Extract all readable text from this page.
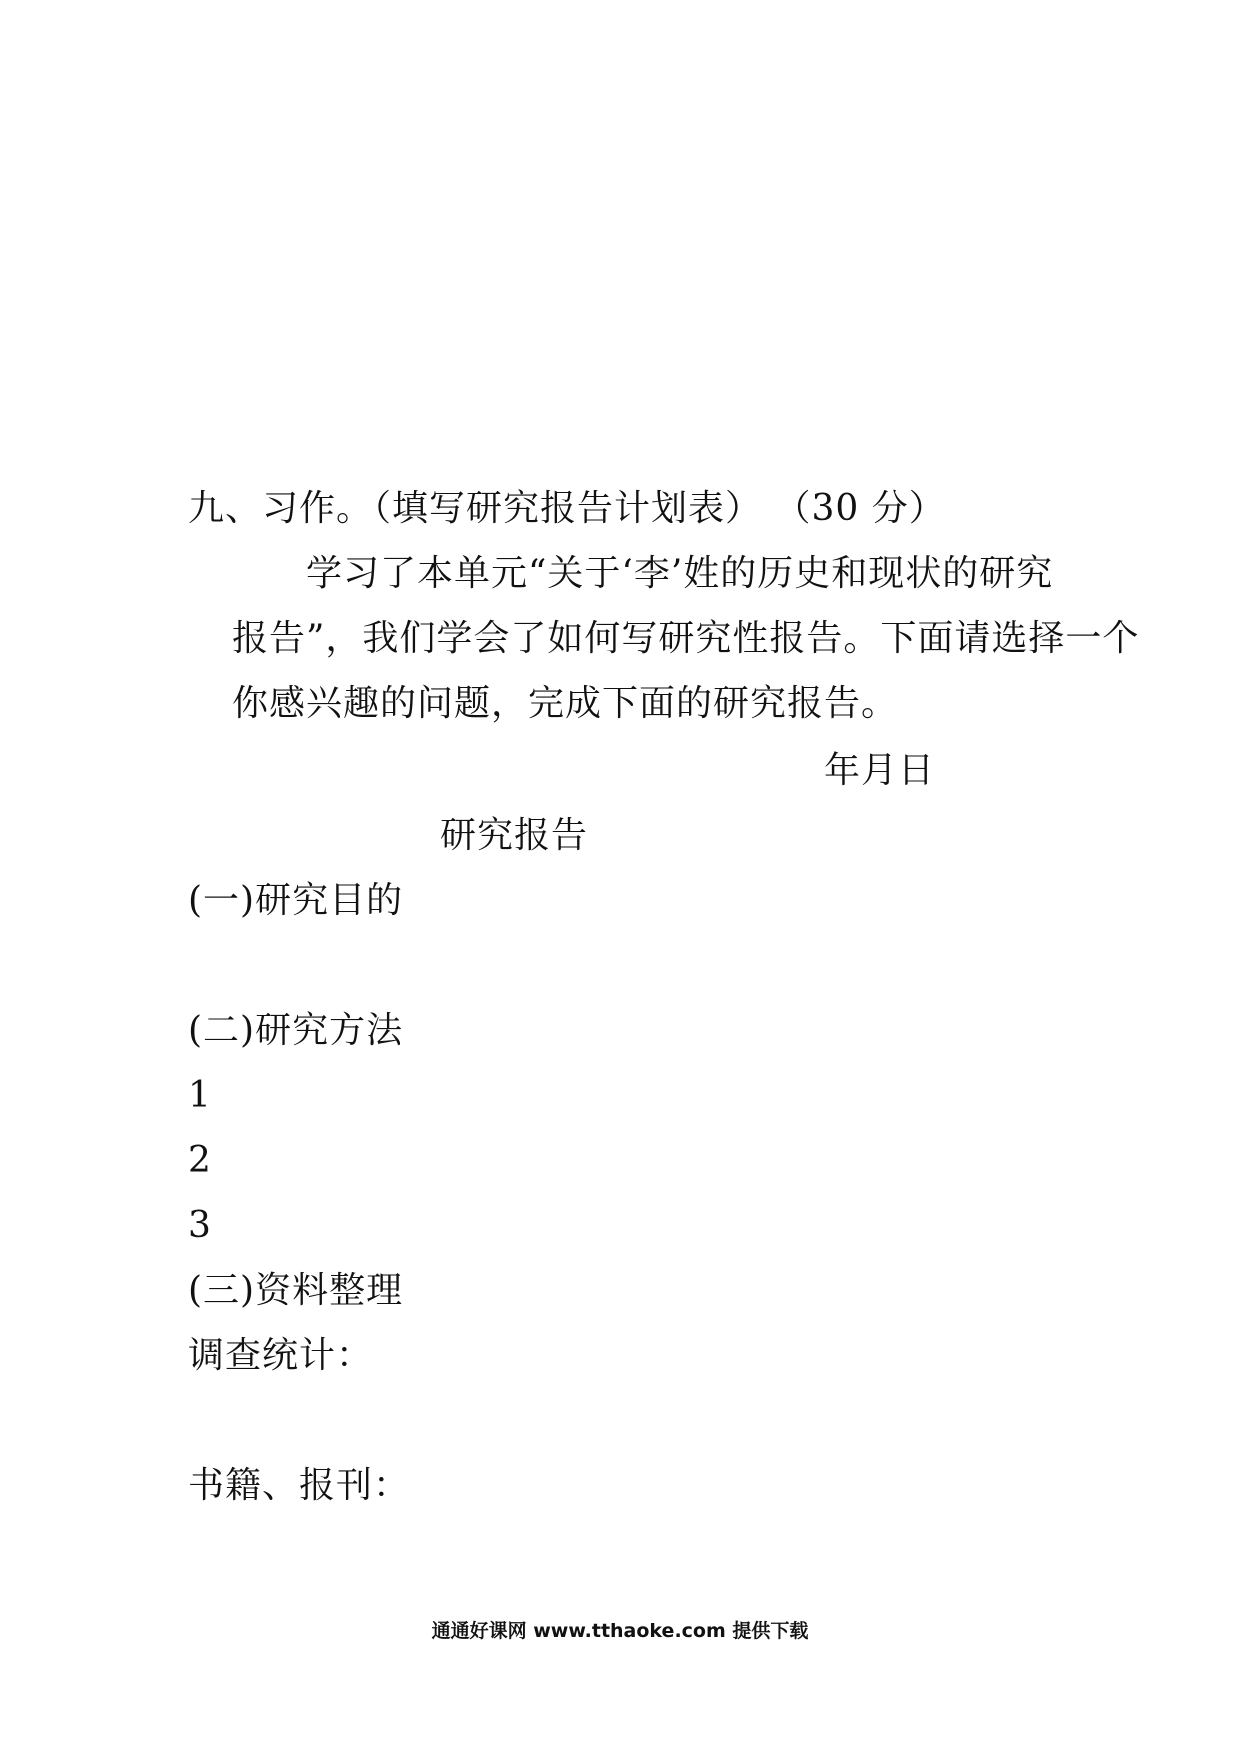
九、习作。（填写研究报告计划表） （30 分）
学习了本单元“关于‘李’姓的历史和现状的研究
报告”，我们学会了如何写研究性报告。下面请选择一个
你感兴趣的问题，完成下面的研究报告。
年月日
研究报告
(一)研究目的
(二)研究方法
1
2
3
(三)资料整理
调查统计：
书籍、报刊：
通通好课网 www.tthaoke.com 提供下载
